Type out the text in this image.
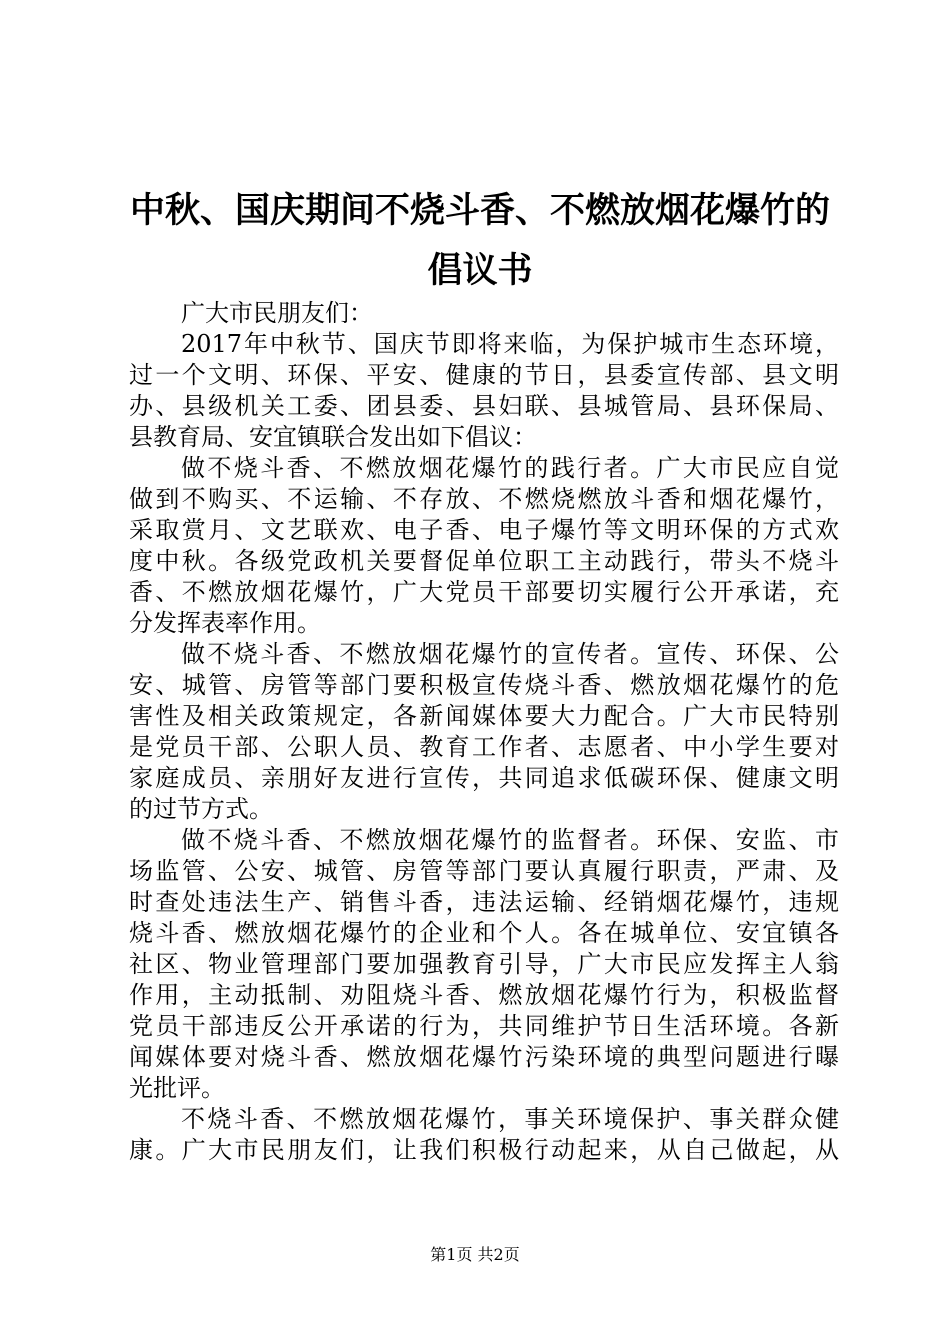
中秋、国庆期间不烧斗香、不燃放烟花爆竹的
倡议书
广大市民朋友们：
2017年中秋节、国庆节即将来临，为保护城市生态环境，
过一个文明、环保、平安、健康的节日，县委宣传部、县文明
办、县级机关工委、团县委、县妇联、县城管局、县环保局、
县教育局、安宜镇联合发出如下倡议：
做不烧斗香、不燃放烟花爆竹的践行者。广大市民应自觉
做到不购买、不运输、不存放、不燃烧燃放斗香和烟花爆竹，
采取赏月、文艺联欢、电子香、电子爆竹等文明环保的方式欢
度中秋。各级党政机关要督促单位职工主动践行，带头不烧斗
香、不燃放烟花爆竹，广大党员干部要切实履行公开承诺，充
分发挥表率作用。
做不烧斗香、不燃放烟花爆竹的宣传者。宣传、环保、公
安、城管、房管等部门要积极宣传烧斗香、燃放烟花爆竹的危
害性及相关政策规定，各新闻媒体要大力配合。广大市民特别
是党员干部、公职人员、教育工作者、志愿者、中小学生要对
家庭成员、亲朋好友进行宣传，共同追求低碳环保、健康文明
的过节方式。
做不烧斗香、不燃放烟花爆竹的监督者。环保、安监、市
场监管、公安、城管、房管等部门要认真履行职责，严肃、及
时查处违法生产、销售斗香，违法运输、经销烟花爆竹，违规
烧斗香、燃放烟花爆竹的企业和个人。各在城单位、安宜镇各
社区、物业管理部门要加强教育引导，广大市民应发挥主人翁
作用，主动抵制、劝阻烧斗香、燃放烟花爆竹行为，积极监督
党员干部违反公开承诺的行为，共同维护节日生活环境。各新
闻媒体要对烧斗香、燃放烟花爆竹污染环境的典型问题进行曝
光批评。
不烧斗香、不燃放烟花爆竹，事关环境保护、事关群众健
康。广大市民朋友们，让我们积极行动起来，从自己做起，从
第1页 共2页
